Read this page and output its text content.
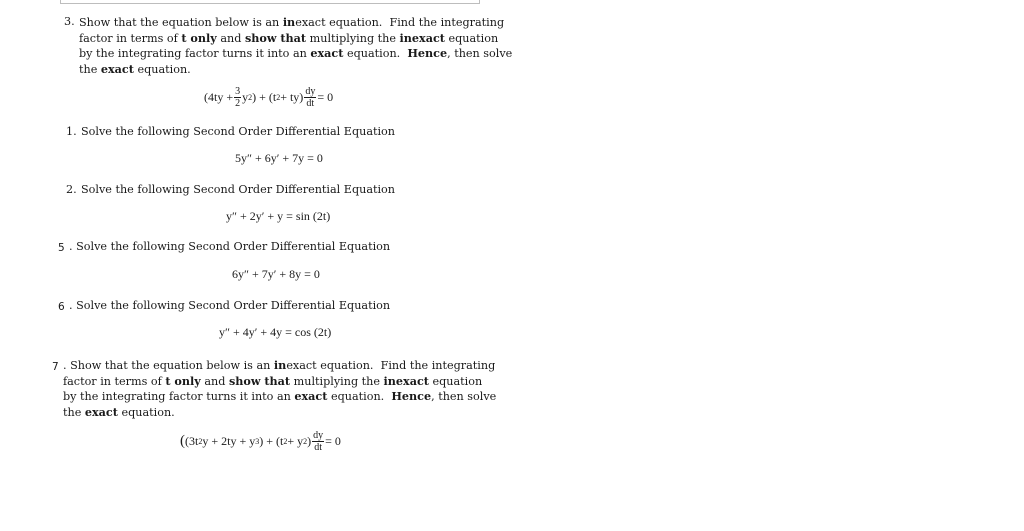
3. Show that the equation below is an inexact equation.  Find the integrating
factor in terms of t only and show that multiplying the inexact equation
by the integrating factor turns it into an exact equation.  Hence, then solve
the exact equation.
($4ty + \frac{3}{2}$ y 2 ) + (t $2 + ty) \frac{dy}{dt} = 0$
1. Solve the following Second Order Differential Equation
5y″ + 6y′ + 7y = 0
2. Solve the following Second Order Differential Equation
y″ + 2y′ + y = sin (2t)
5 . Solve the following Second Order Differential Equation
6y″ + 7y′ + 8y = 0
6 . Solve the following Second Order Differential Equation
y″ + 4y′ + 4y = cos (2t)
7 . Show that the equation below is an inexact equation.  Find the integrating
factor in terms of t only and show that multiplying the inexact equation
by the integrating factor turns it into an exact equation.  Hence, then solve
the exact equation.
( (3t 2 y + 2ty + y 3 ) + (t 2 + y 2 ) $\frac{dy}{dt} = 0$
